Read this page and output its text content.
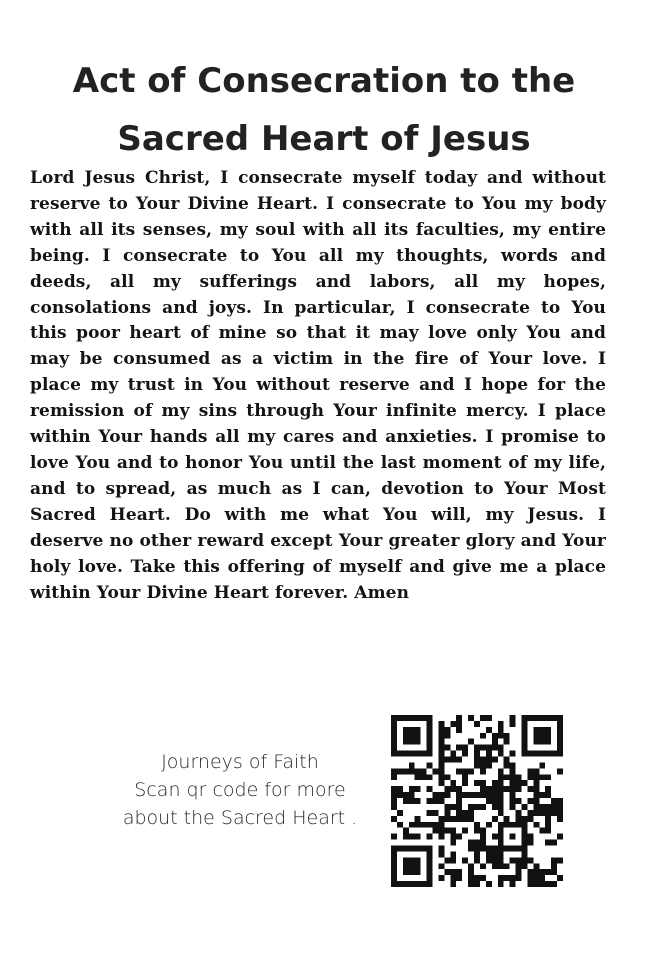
Act of Consecration to the
Sacred Heart of Jesus
Lord Jesus Christ, I consecrate myself today and without reserve to Your Divine Heart. I consecrate to You my body with all its senses, my soul with all its faculties, my entire being. I consecrate to You all my thoughts, words and deeds, all my sufferings and labors, all my hopes, consolations and joys. In particular, I consecrate to You this poor heart of mine so that it may love only You and may be consumed as a victim in the fire of Your love. I place my trust in You without reserve and I hope for the remission of my sins through Your infinite mercy. I place within Your hands all my cares and anxieties. I promise to love You and to honor You until the last moment of my life, and to spread, as much as I can, devotion to Your Most Sacred Heart. Do with me what You will, my Jesus. I deserve no other reward except Your greater glory and Your holy love. Take this offering of myself and give me a place within Your Divine Heart forever. Amen
Journeys of Faith
Scan qr code for more
about the Sacred Heart .
